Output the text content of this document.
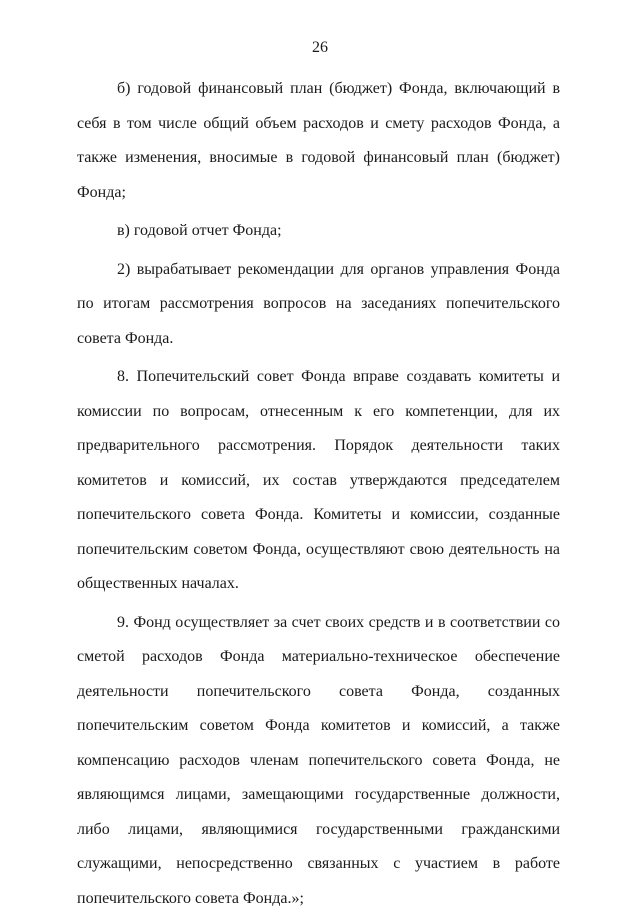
26

б) годовой финансовый план (бюджет) Фонда, включающий в себя в том числе общий объем расходов и смету расходов Фонда, а также изменения, вносимые в годовой финансовый план (бюджет) Фонда;

в) годовой отчет Фонда;

2) вырабатывает рекомендации для органов управления Фонда по итогам рассмотрения вопросов на заседаниях попечительского совета Фонда.

8. Попечительский совет Фонда вправе создавать комитеты и комиссии по вопросам, отнесенным к его компетенции, для их предварительного рассмотрения. Порядок деятельности таких комитетов и комиссий, их состав утверждаются председателем попечительского совета Фонда. Комитеты и комиссии, созданные попечительским советом Фонда, осуществляют свою деятельность на общественных началах.

9. Фонд осуществляет за счет своих средств и в соответствии со сметой расходов Фонда материально-техническое обеспечение деятельности попечительского совета Фонда, созданных попечительским советом Фонда комитетов и комиссий, а также компенсацию расходов членам попечительского совета Фонда, не являющимся лицами, замещающими государственные должности, либо лицами, являющимися государственными гражданскими служащими, непосредственно связанных с участием в работе попечительского совета Фонда.»;
